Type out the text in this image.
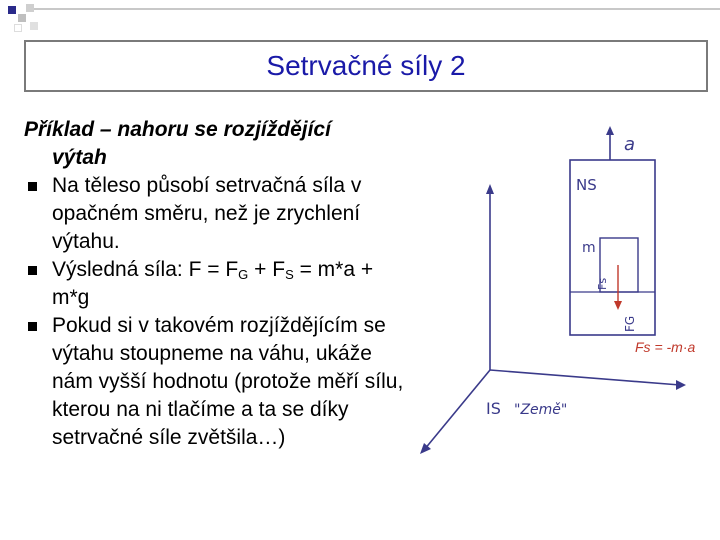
Setrvačné síly 2
Příklad – nahoru se rozjíždějící
výtah
Na těleso působí setrvačná síla v opačném směru, než je zrychlení výtahu.
Výsledná síla: $F = F_G + F_S = m*a + m*g$
Pokud si v takovém rozjíždějícím se výtahu stoupneme na váhu, ukáže nám vyšší hodnotu (protože měří sílu, kterou na ni tlačíme a ta se díky setrvačné síle zvětšila…)
a
NS
m
Fs
FG
Fs = -m·a
IS "Země"
